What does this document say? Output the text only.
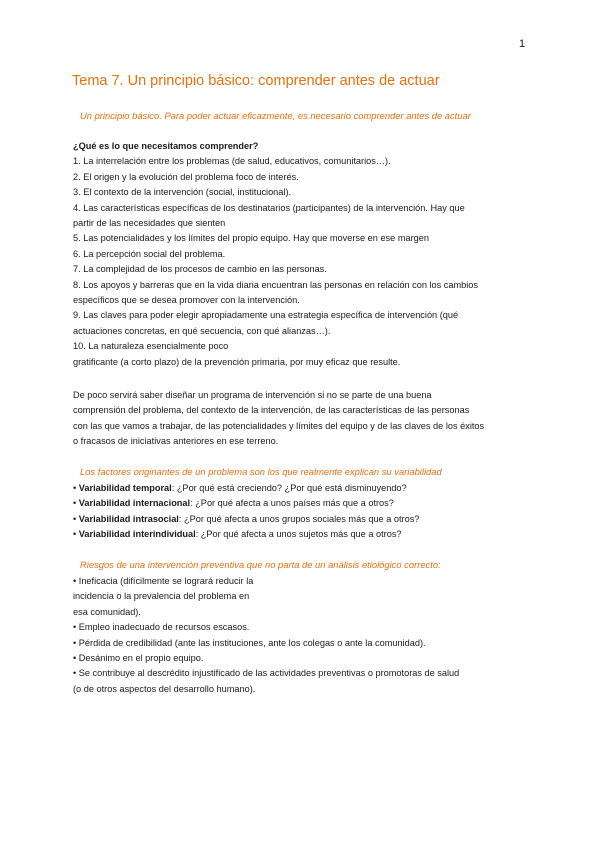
1
Tema 7. Un principio básico: comprender antes de actuar
Un principio básico. Para poder actuar eficazmente, es necesario comprender antes de actuar
¿Qué es lo que necesitamos comprender?
1. La interrelación entre los problemas (de salud, educativos, comunitarios…).
2. El origen y la evolución del problema foco de interés.
3. El contexto de la intervención (social, institucional).
4. Las características específicas de los destinatarios (participantes) de la intervención. Hay que
partir de las necesidades que sienten
5. Las potencialidades y los límites del propio equipo. Hay que moverse en ese margen
6. La percepción social del problema.
7. La complejidad de los procesos de cambio en las personas.
8. Los apoyos y barreras que en la vida diaria encuentran las personas en relación con los cambios
específicos que se desea promover con la intervención.
9. Las claves para poder elegir apropiadamente una estrategia específica de intervención (qué
actuaciones concretas, en qué secuencia, con qué alianzas…).
10. La naturaleza esencialmente poco
gratificante (a corto plazo) de la prevención primaria, por muy eficaz que resulte.
De poco servirá saber diseñar un programa de intervención si no se parte de una buena
comprensión del problema, del contexto de la intervención, de las características de las personas
con las que vamos a trabajar, de las potencialidades y límites del equipo y de las claves de los éxitos
o fracasos de iniciativas anteriores en ese terreno.
Los factores originantes de un problema son los que realmente explican su variabilidad
• Variabilidad temporal: ¿Por qué está creciendo? ¿Por qué está disminuyendo?
• Variabilidad internacional: ¿Por qué afecta a unos países más que a otros?
• Variabilidad intrasocial: ¿Por qué afecta a unos grupos sociales más que a otros?
• Variabilidad interindividual: ¿Por qué afecta a unos sujetos más que a otros?
Riesgos de una intervención preventiva que no parta de un análisis etiológico correcto:
• Ineficacia (difícilmente se logrará reducir la
incidencia o la prevalencia del problema en
esa comunidad).
• Empleo inadecuado de recursos escasos.
• Pérdida de credibilidad (ante las instituciones, ante los colegas o ante la comunidad).
• Desánimo en el propio equipo.
• Se contribuye al descrédito injustificado de las actividades preventivas o promotoras de salud
(o de otros aspectos del desarrollo humano).
